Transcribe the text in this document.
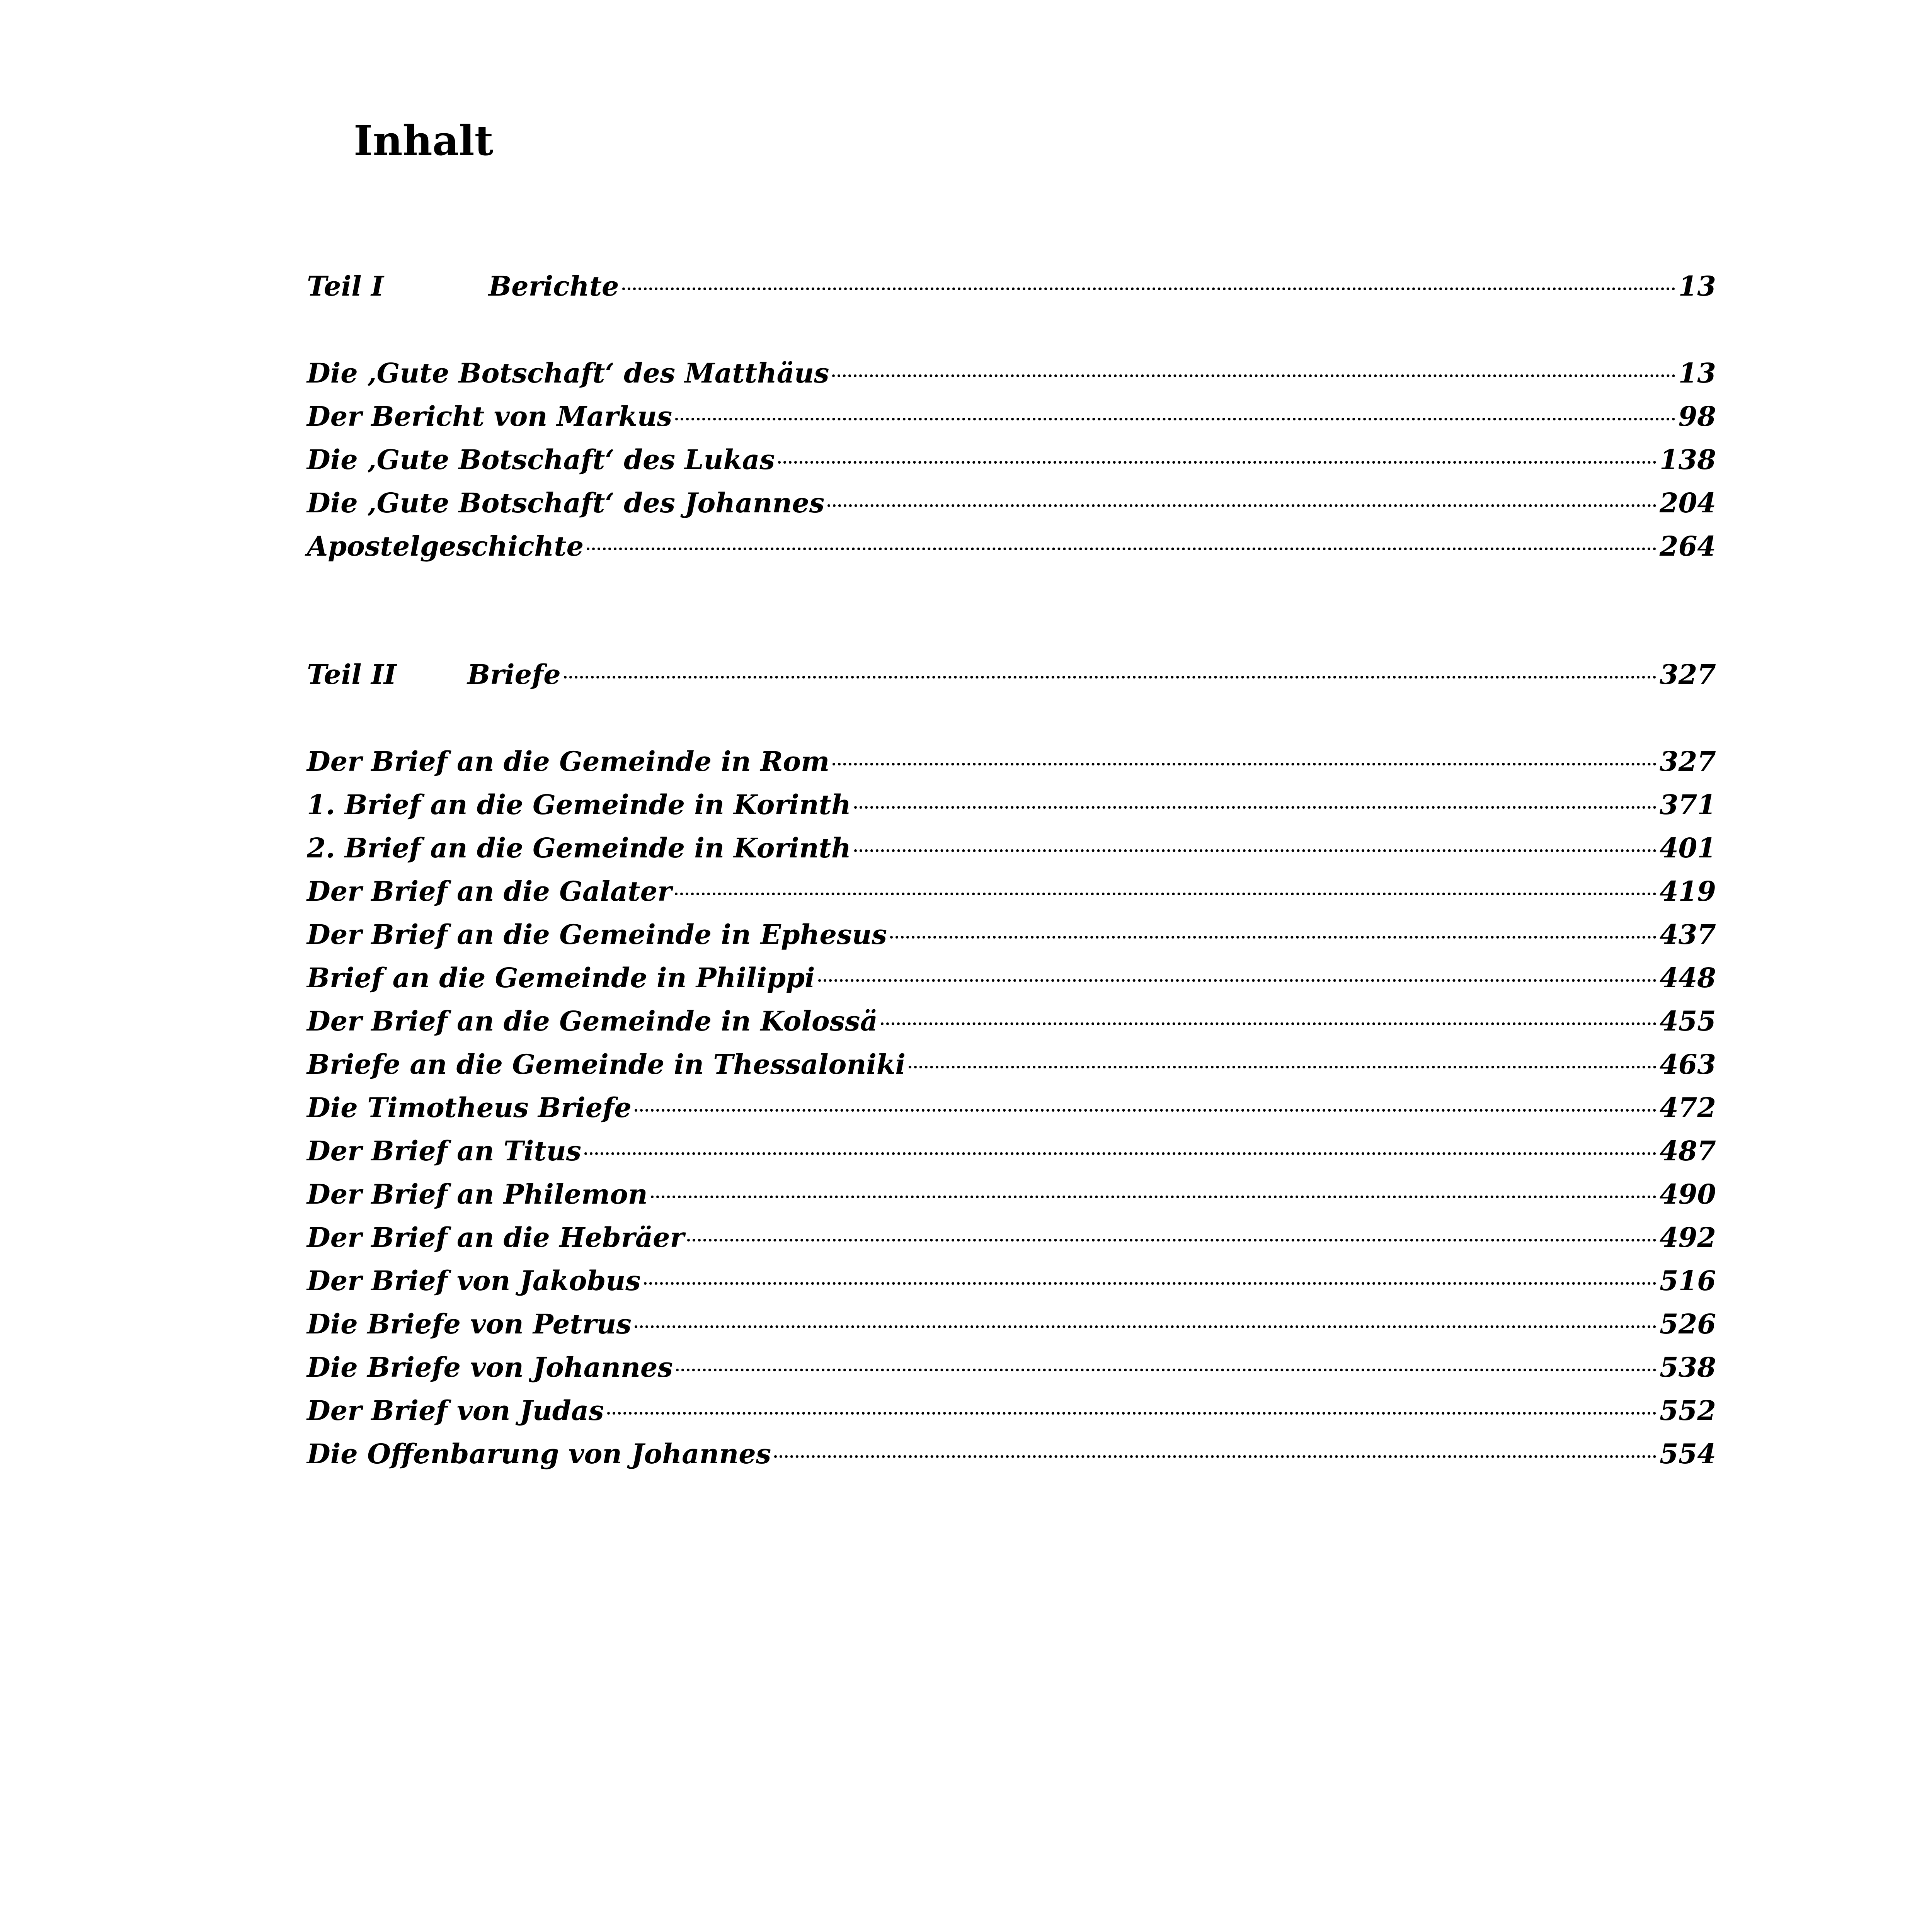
Inhalt
Teil I	Berichte	13
Die ‚Gute Botschaft‘ des Matthäus	13
Der Bericht von Markus	98
Die ‚Gute Botschaft‘ des Lukas	138
Die ‚Gute Botschaft‘ des Johannes	204
Apostelgeschichte	264
Teil II	Briefe	327
Der Brief an die Gemeinde in Rom	327
1. Brief an die Gemeinde in Korinth	371
2. Brief an die Gemeinde in Korinth	401
Der Brief an die Galater	419
Der Brief an die Gemeinde in Ephesus	437
Brief an die Gemeinde in Philippi	448
Der Brief an die Gemeinde in Kolossä	455
Briefe an die Gemeinde in Thessaloniki	463
Die Timotheus Briefe	472
Der Brief an Titus	487
Der Brief an Philemon	490
Der Brief an die Hebräer	492
Der Brief von Jakobus	516
Die Briefe von Petrus	526
Die Briefe von Johannes	538
Der Brief von Judas	552
Die Offenbarung von Johannes	554
